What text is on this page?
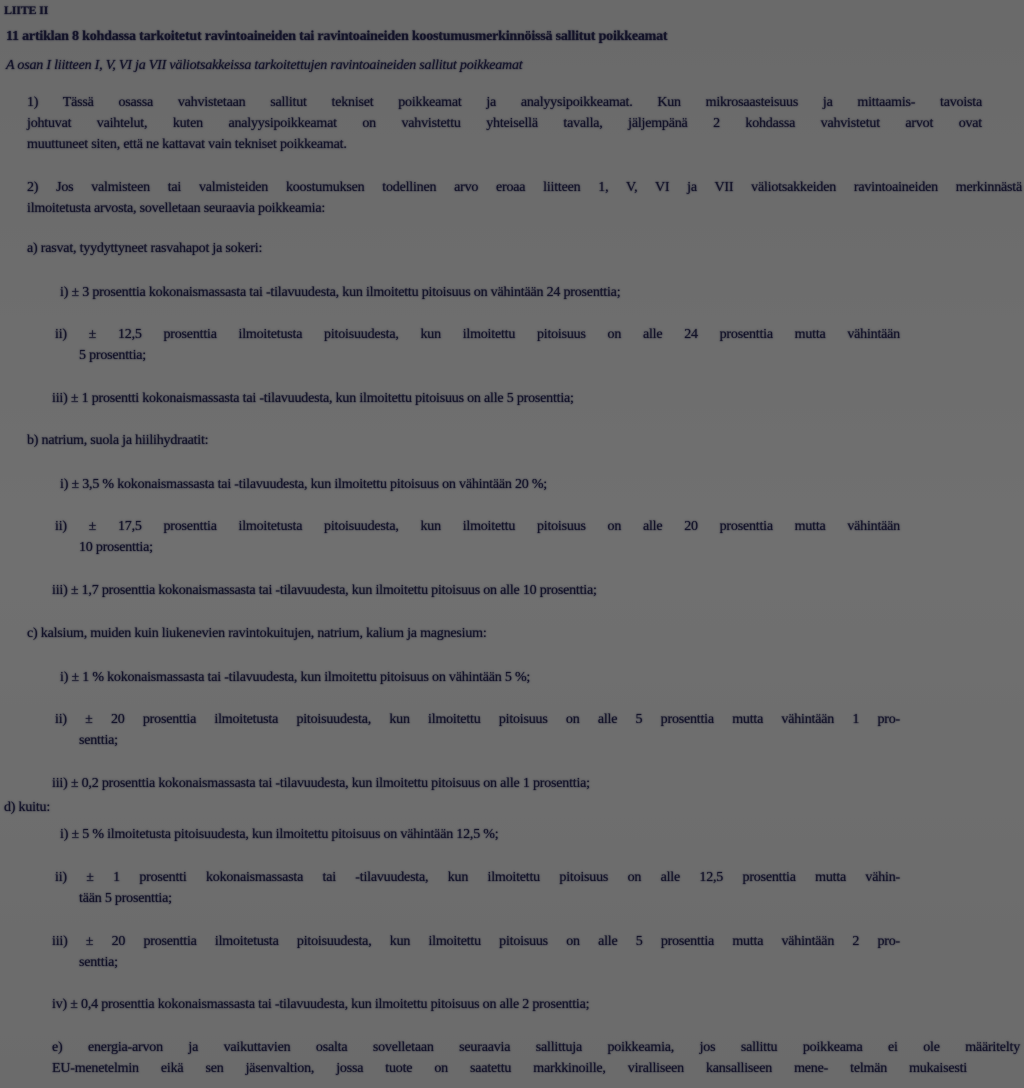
LIITE II
11 artiklan 8 kohdassa tarkoitetut ravintoaineiden tai ravintoaineiden koostumusmerkinnöissä sallitut poikkeamat
A osan I liitteen I, V, VI ja VII väliotsakkeissa tarkoitettujen ravintoaineiden sallitut poikkeamat
1) Tässä osassa vahvistetaan sallitut tekniset poikkeamat ja analyysipoikkeamat. Kun mikrosaasteisuus ja mittaamis- tavoista
johtuvat vaihtelut, kuten analyysipoikkeamat on vahvistettu yhteisellä tavalla, jäljempänä 2 kohdassa vahvistetut arvot ovat
muuttuneet siten, että ne kattavat vain tekniset poikkeamat.
2) Jos valmisteen tai valmisteiden koostumuksen todellinen arvo eroaa liitteen 1, V, VI ja VII väliotsakkeiden ravintoaineiden merkinnästä
ilmoitetusta arvosta, sovelletaan seuraavia poikkeamia:
a) rasvat, tyydyttyneet rasvahapot ja sokeri:
i) ± 3 prosenttia kokonaismassasta tai -tilavuudesta, kun ilmoitettu pitoisuus on vähintään 24 prosenttia;
ii) ± 12,5 prosenttia ilmoitetusta pitoisuudesta, kun ilmoitettu pitoisuus on alle 24 prosenttia mutta vähintään
5 prosenttia;
iii) ± 1 prosentti kokonaismassasta tai -tilavuudesta, kun ilmoitettu pitoisuus on alle 5 prosenttia;
b) natrium, suola ja hiilihydraatit:
i) ± 3,5 % kokonaismassasta tai -tilavuudesta, kun ilmoitettu pitoisuus on vähintään 20 %;
ii) ± 17,5 prosenttia ilmoitetusta pitoisuudesta, kun ilmoitettu pitoisuus on alle 20 prosenttia mutta vähintään
10 prosenttia;
iii) ± 1,7 prosenttia kokonaismassasta tai -tilavuudesta, kun ilmoitettu pitoisuus on alle 10 prosenttia;
c) kalsium, muiden kuin liukenevien ravintokuitujen, natrium, kalium ja magnesium:
i) ± 1 % kokonaismassasta tai -tilavuudesta, kun ilmoitettu pitoisuus on vähintään 5 %;
ii) ± 20 prosenttia ilmoitetusta pitoisuudesta, kun ilmoitettu pitoisuus on alle 5 prosenttia mutta vähintään 1 pro-
senttia;
iii) ± 0,2 prosenttia kokonaismassasta tai -tilavuudesta, kun ilmoitettu pitoisuus on alle 1 prosenttia;
d) kuitu:
i) ± 5 % ilmoitetusta pitoisuudesta, kun ilmoitettu pitoisuus on vähintään 12,5 %;
ii) ± 1 prosentti kokonaismassasta tai -tilavuudesta, kun ilmoitettu pitoisuus on alle 12,5 prosenttia mutta vähin-
tään 5 prosenttia;
iii) ± 20 prosenttia ilmoitetusta pitoisuudesta, kun ilmoitettu pitoisuus on alle 5 prosenttia mutta vähintään 2 pro-
senttia;
iv) ± 0,4 prosenttia kokonaismassasta tai -tilavuudesta, kun ilmoitettu pitoisuus on alle 2 prosenttia;
e) energia-arvon ja vaikuttavien osalta sovelletaan seuraavia sallittuja poikkeamia, jos sallittu poikkeama ei ole määritelty
EU-menetelmin eikä sen jäsenvaltion, jossa tuote on saatettu markkinoille, viralliseen kansalliseen mene- telmän mukaisesti
